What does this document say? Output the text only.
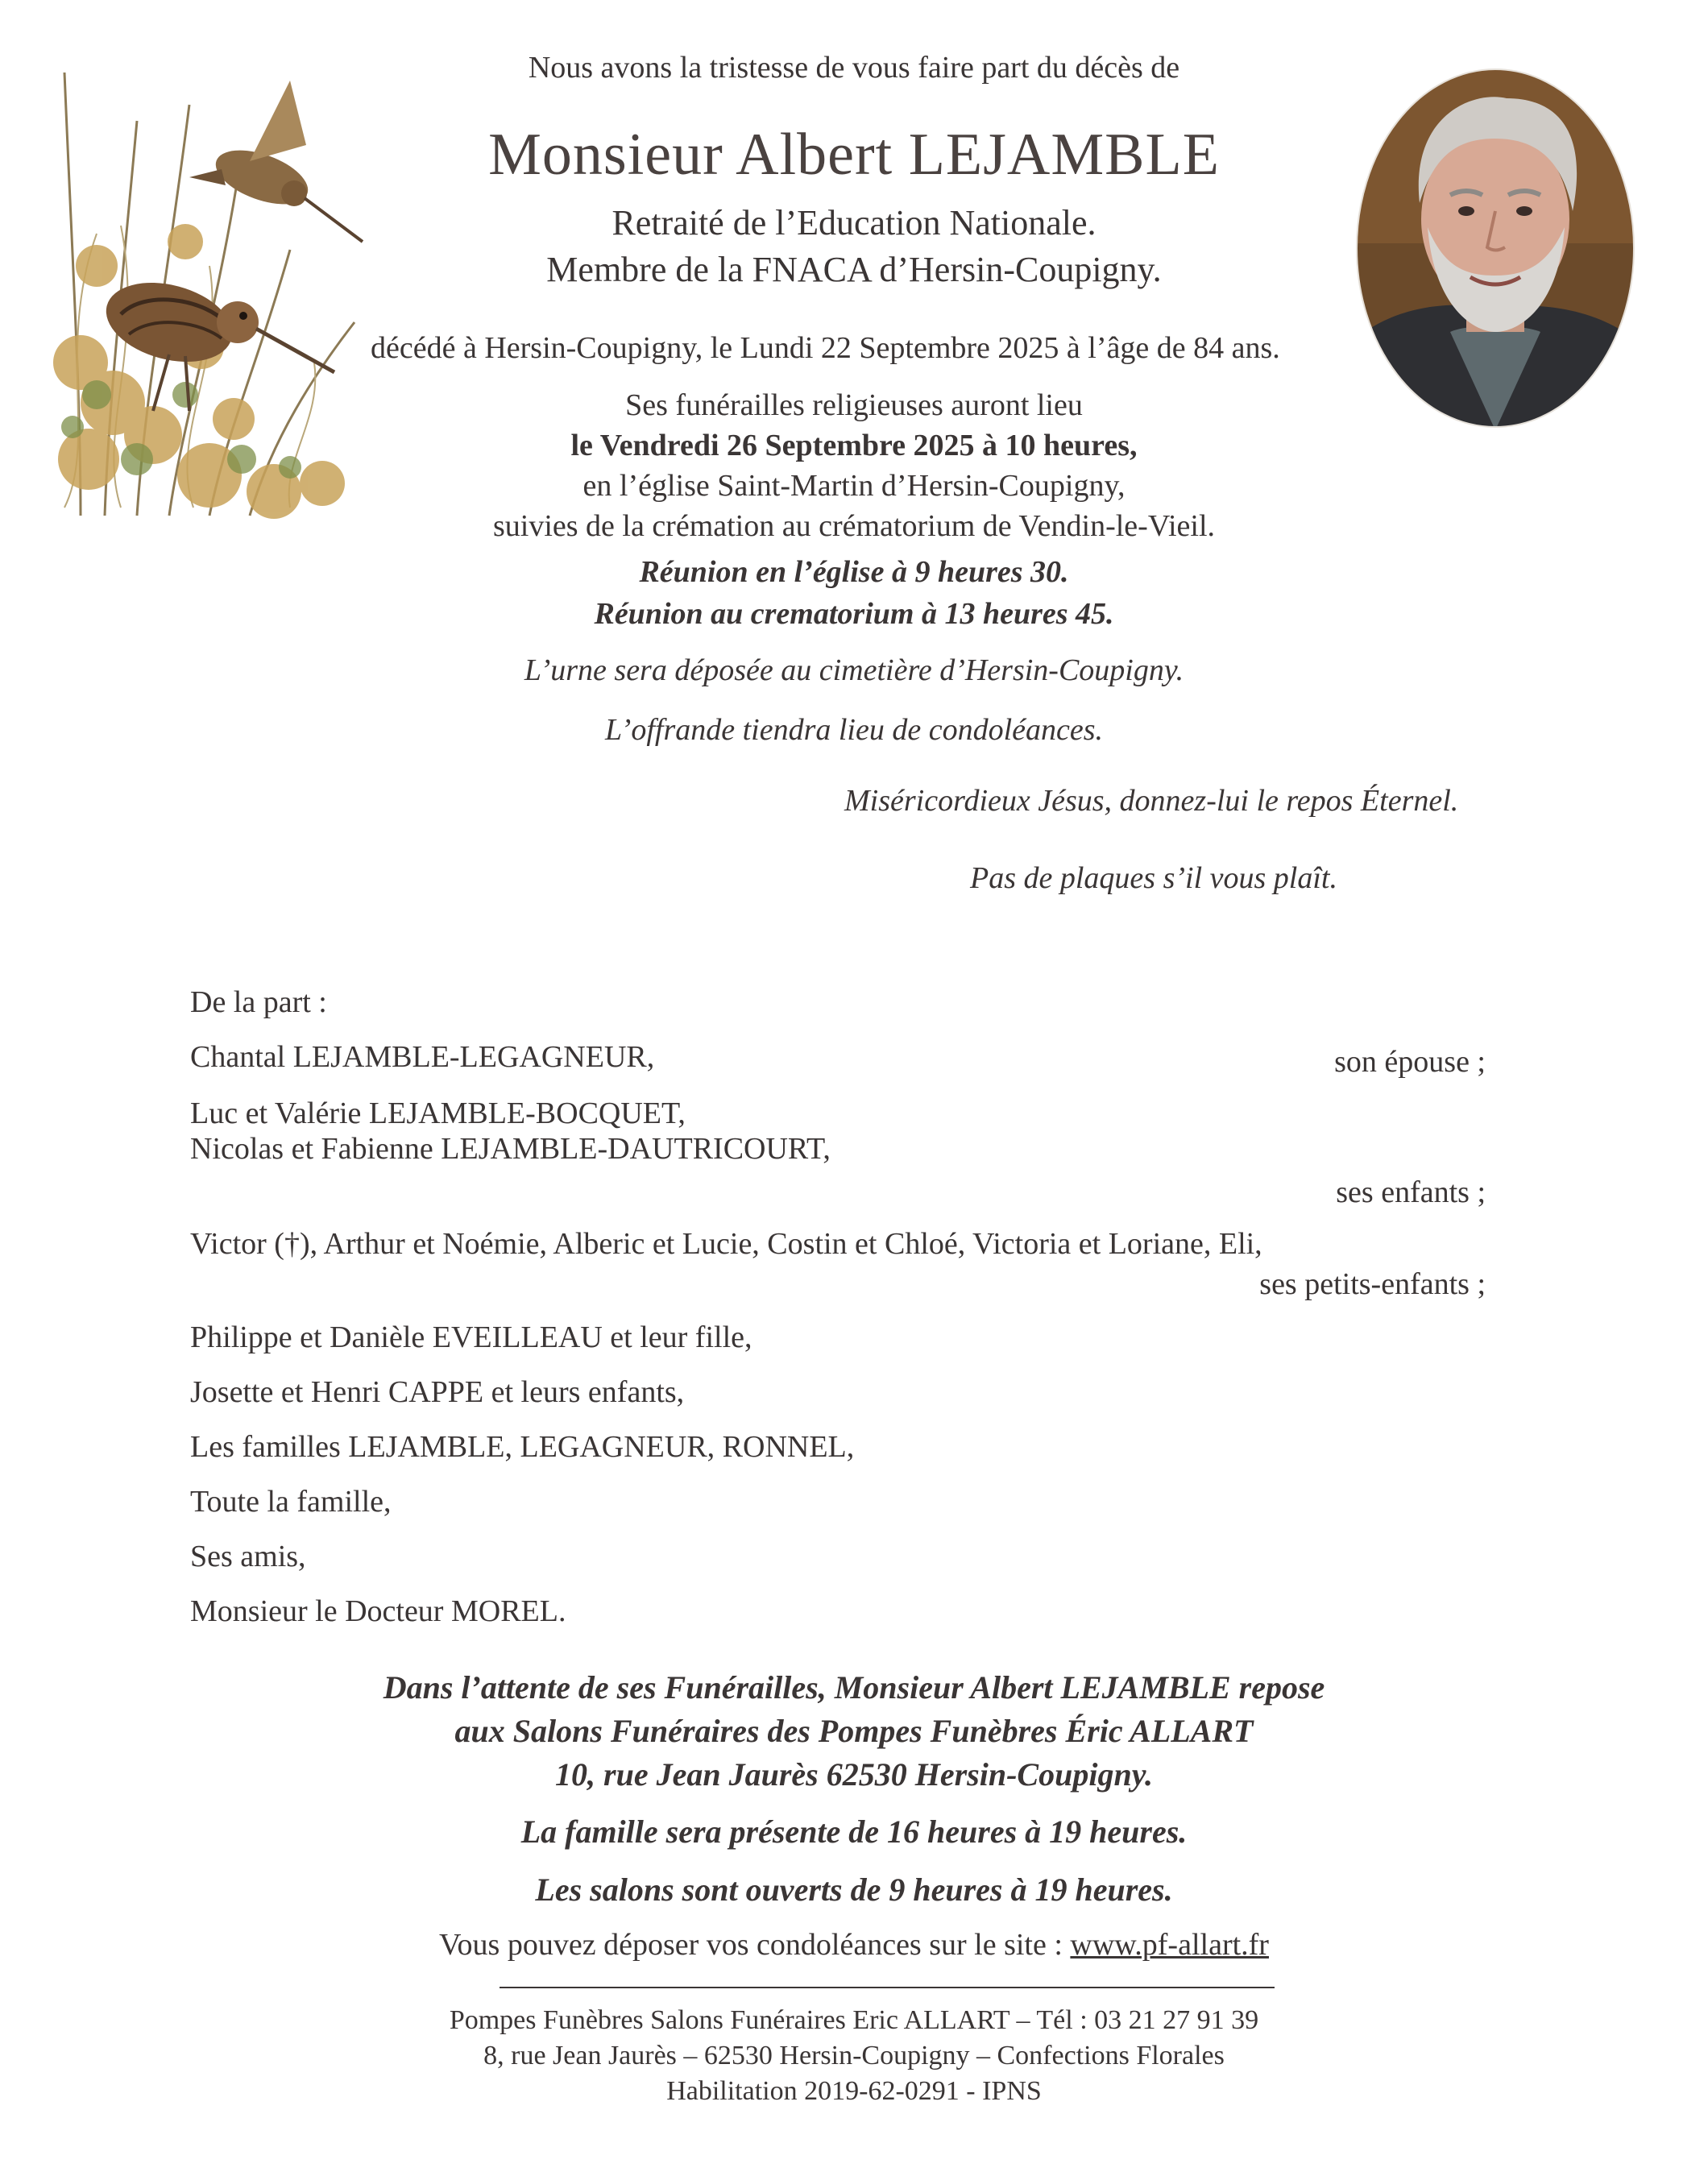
Nous avons la tristesse de vous faire part du décès de
Monsieur Albert LEJAMBLE
Retraité de l’Education Nationale.
Membre de la FNACA d’Hersin-Coupigny.
décédé à Hersin-Coupigny, le Lundi 22 Septembre 2025 à l’âge de 84 ans.
Ses funérailles religieuses auront lieu
le Vendredi 26 Septembre 2025 à 10 heures,
en l’église Saint-Martin d’Hersin-Coupigny,
suivies de la crémation au crématorium de Vendin-le-Vieil.
Réunion en l’église à 9 heures 30.
Réunion au crematorium à 13 heures 45.
L’urne sera déposée au cimetière d’Hersin-Coupigny.
L’offrande tiendra lieu de condoléances.
Miséricordieux Jésus, donnez-lui le repos Éternel.
Pas de plaques s’il vous plaît.
De la part :
Chantal LEJAMBLE-LEGAGNEUR,	son épouse ;
Luc et Valérie LEJAMBLE-BOCQUET,
Nicolas et Fabienne LEJAMBLE-DAUTRICOURT,
ses enfants ;
Victor (†), Arthur et Noémie, Alberic et Lucie, Costin et Chloé, Victoria et Loriane, Eli,
ses petits-enfants ;
Philippe et Danièle EVEILLEAU et leur fille,
Josette et Henri CAPPE et leurs enfants,
Les familles LEJAMBLE, LEGAGNEUR, RONNEL,
Toute la famille,
Ses amis,
Monsieur le Docteur MOREL.
Dans l’attente de ses Funérailles, Monsieur Albert LEJAMBLE repose
aux Salons Funéraires des Pompes Funèbres Éric ALLART
10, rue Jean Jaurès 62530 Hersin-Coupigny.
La famille sera présente de 16 heures à 19 heures.
Les salons sont ouverts de 9 heures à 19 heures.
Vous pouvez déposer vos condoléances sur le site : www.pf-allart.fr
Pompes Funèbres Salons Funéraires Eric ALLART – Tél : 03 21 27 91 39
8, rue Jean Jaurès – 62530 Hersin-Coupigny – Confections Florales
Habilitation 2019-62-0291 - IPNS
